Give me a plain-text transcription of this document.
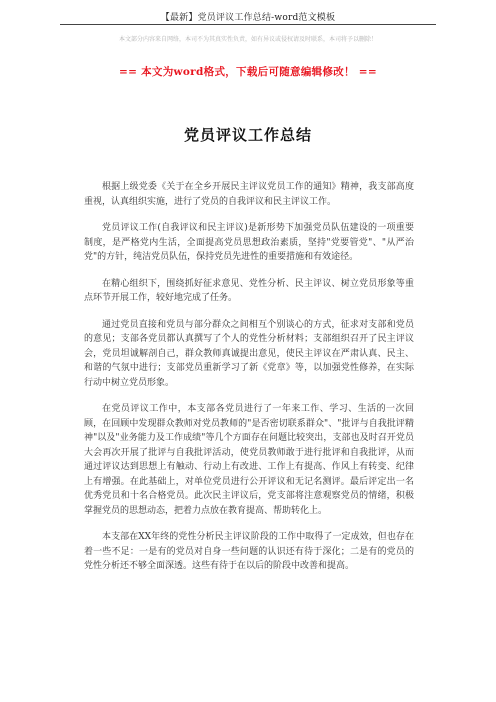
【最新】党员评议工作总结-word范文模板
本文部分内容来自网络，本司不为其真实性负责，如有异议或侵权请及时联系，本司将予以删除！
== 本文为word格式，下载后可随意编辑修改！ ==
党员评议工作总结

根据上级党委《关于在全乡开展民主评议党员工作的通知》精神，我支部高度重视，认真组织实施，进行了党员的自我评议和民主评议工作。

党员评议工作(自我评议和民主评议)是新形势下加强党员队伍建设的一项重要制度，是严格党内生活，全面提高党员思想政治素质，坚持"党要管党"、"从严治党"的方针，纯洁党员队伍，保持党员先进性的重要措施和有效途径。

在精心组织下，围绕抓好征求意见、党性分析、民主评议、树立党员形象等重点环节开展工作，较好地完成了任务。

通过党员直接和党员与部分群众之间相互个别谈心的方式，征求对支部和党员的意见；支部各党员都认真撰写了个人的党性分析材料；支部组织召开了民主评议会，党员坦诚解剖自己，群众教师真诚提出意见，使民主评议在严肃认真、民主、和谐的气氛中进行；支部党员重新学习了新《党章》等，以加强党性修养，在实际行动中树立党员形象。

在党员评议工作中，本支部各党员进行了一年来工作、学习、生活的一次回顾，在回顾中发现群众教师对党员教师的"是否密切联系群众"、"批评与自我批评精神"以及"业务能力及工作成绩"等几个方面存在问题比较突出，支部也及时召开党员大会再次开展了批评与自我批评活动，使党员教师敢于进行批评和自我批评，从而通过评议达到思想上有触动、行动上有改进、工作上有提高、作风上有转变、纪律上有增强。在此基础上，对单位党员进行公开评议和无记名测评。最后评定出一名优秀党员和十名合格党员。此次民主评议后，党支部将注意观察党员的情绪，积极掌握党员的思想动态，把着力点放在教育提高、帮助转化上。

本支部在XX年终的党性分析民主评议阶段的工作中取得了一定成效，但也存在着一些不足：一是有的党员对自身一些问题的认识还有待于深化；二是有的党员的党性分析还不够全面深透。这些有待于在以后的阶段中改善和提高。
